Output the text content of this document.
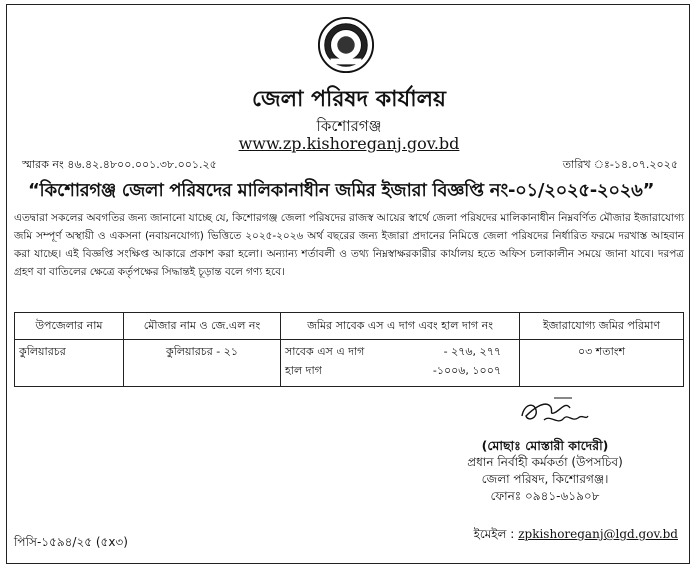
জেলা পরিষদ কার্যালয়
কিশোরগঞ্জ
www.zp.kishoreganj.gov.bd
স্মারক নং ৪৬.৪২.৪৮০০.০০১.৩৮.০০১.২৫	তারিখ ঃ-১৪.০৭.২০২৫
“কিশোরগঞ্জ জেলা পরিষদের মালিকানাধীন জমির ইজারা বিজ্ঞপ্তি নং-০১/২০২৫-২০২৬”
এতদ্বারা সকলের অবগতির জন্য জানানো যাচ্ছে যে, কিশোরগঞ্জ জেলা পরিষদের রাজস্ব আয়ের স্বার্থে জেলা পরিষদের মালিকানাধীন নিম্নবর্ণিত মৌজার ইজারাযোগ্য জমি সম্পূর্ণ অস্থায়ী ও একসনা (নবায়নযোগ্য) ভিত্তিতে ২০২৫-২০২৬ অর্থ বছরের জন্য ইজারা প্রদানের নিমিত্তে জেলা পরিষদের নির্ধারিত ফরমে দরখাস্ত আহবান করা যাচ্ছে। এই বিজ্ঞপ্তি সংক্ষিপ্ত আকারে প্রকাশ করা হলো। অন্যান্য শর্তাবলী ও তথ্য নিম্নস্বাক্ষরকারীর কার্যালয় হতে অফিস চলাকালীন সময়ে জানা যাবে। দরপত্র গ্রহণ বা বাতিলের ক্ষেত্রে কর্তৃপক্ষের সিদ্ধান্তই চূড়ান্ত বলে গণ্য হবে।
উপজেলার নাম	মৌজার নাম ও জে.এল নং	জমির সাবেক এস এ দাগ এবং হাল দাগ নং	ইজারাযোগ্য জমির পরিমাণ
কুলিয়ারচর	কুলিয়ারচর - ২১	সাবেক এস এ দাগ - ২৭৬, ২৭৭
হাল দাগ -১০০৬, ১০০৭	০৩ শতাংশ
(মোছাঃ মোস্তারী কাদেরী)
প্রধান নির্বাহী কর্মকর্তা (উপসচিব)
জেলা পরিষদ, কিশোরগঞ্জ।
ফোনঃ ০৯৪১-৬১৯০৮
ইমেইল : zpkishoreganj@lgd.gov.bd
পিসি-১৫৯৪/২৫ (৫x৩)
